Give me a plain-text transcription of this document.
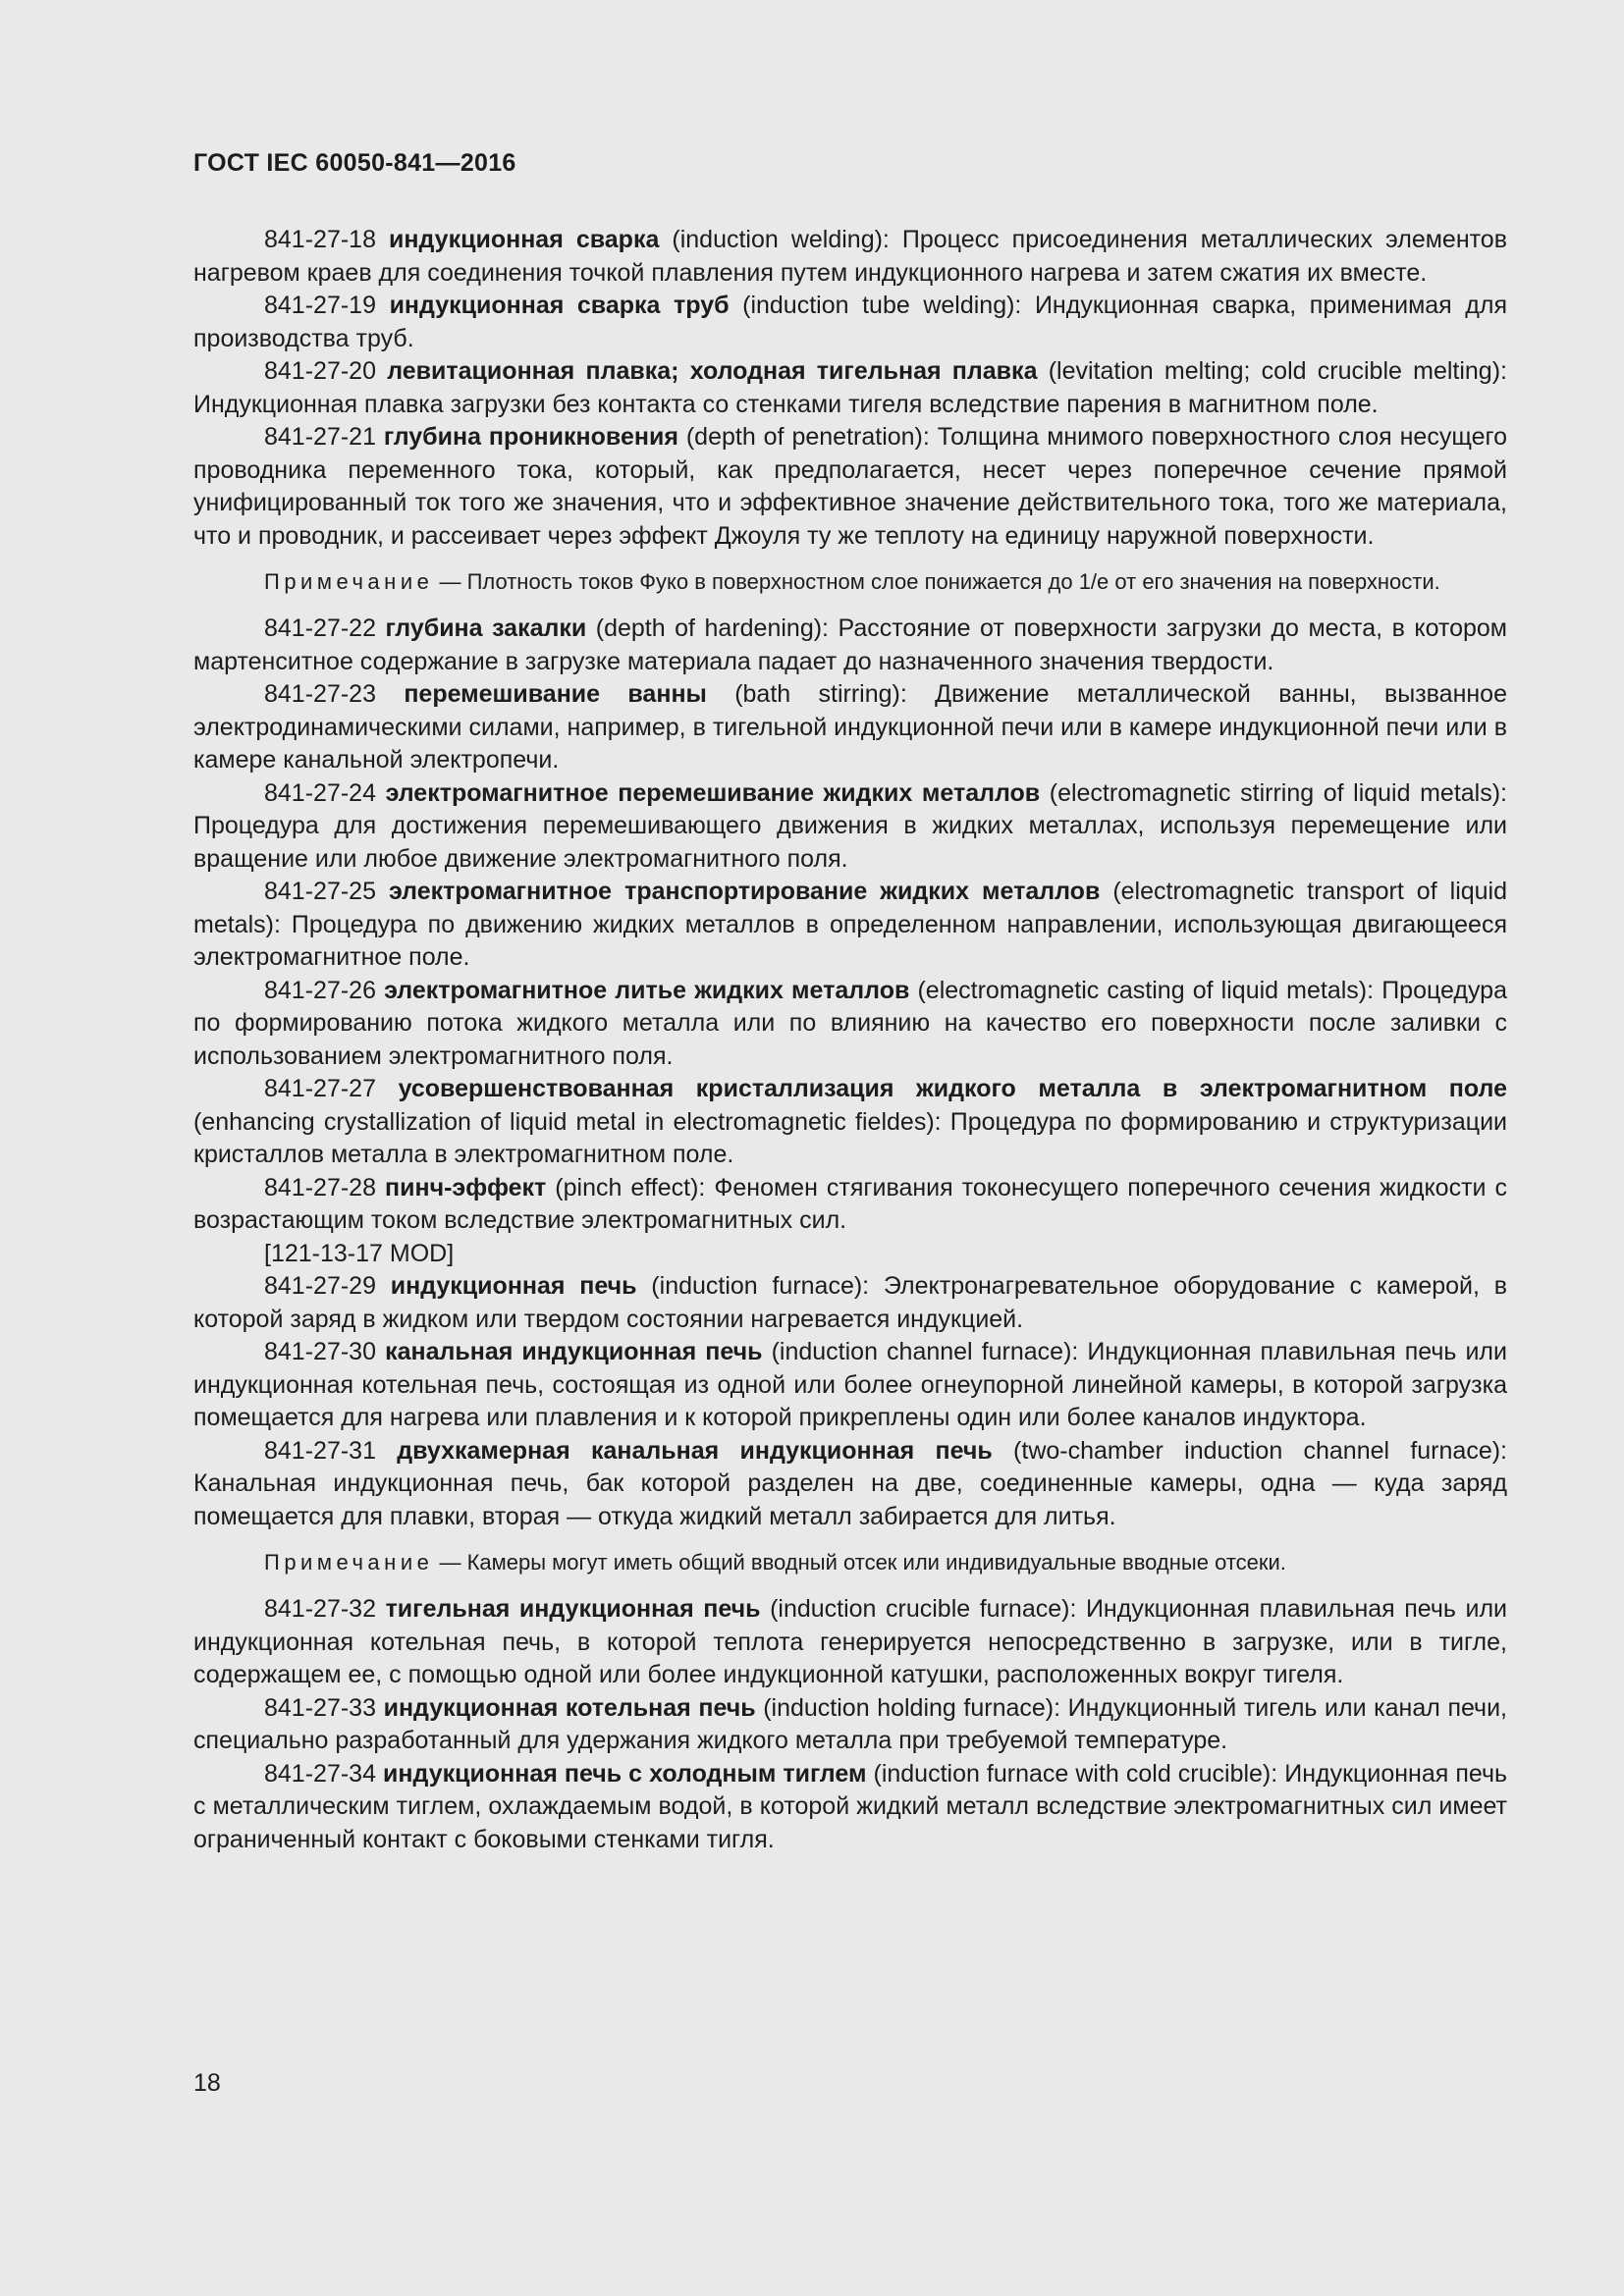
ГОСТ IEC 60050-841—2016

841-27-18 индукционная сварка (induction welding): Процесс присоединения металлических элементов нагревом краев для соединения точкой плавления путем индукционного нагрева и затем сжатия их вместе.

841-27-19 индукционная сварка труб (induction tube welding): Индукционная сварка, применимая для производства труб.

841-27-20 левитационная плавка; холодная тигельная плавка (levitation melting; cold crucible melting): Индукционная плавка загрузки без контакта со стенками тигеля вследствие парения в магнитном поле.

841-27-21 глубина проникновения (depth of penetration): Толщина мнимого поверхностного слоя несущего проводника переменного тока, который, как предполагается, несет через поперечное сечение прямой унифицированный ток того же значения, что и эффективное значение действительного тока, того же материала, что и проводник, и рассеивает через эффект Джоуля ту же теплоту на единицу наружной поверхности.

Примечание — Плотность токов Фуко в поверхностном слое понижается до 1/e от его значения на поверхности.

841-27-22 глубина закалки (depth of hardening): Расстояние от поверхности загрузки до места, в котором мартенситное содержание в загрузке материала падает до назначенного значения твердости.

841-27-23 перемешивание ванны (bath stirring): Движение металлической ванны, вызванное электродинамическими силами, например, в тигельной индукционной печи или в камере индукционной печи или в камере канальной электропечи.

841-27-24 электромагнитное перемешивание жидких металлов (electromagnetic stirring of liquid metals): Процедура для достижения перемешивающего движения в жидких металлах, используя перемещение или вращение или любое движение электромагнитного поля.

841-27-25 электромагнитное транспортирование жидких металлов (electromagnetic transport of liquid metals): Процедура по движению жидких металлов в определенном направлении, использующая двигающееся электромагнитное поле.

841-27-26 электромагнитное литье жидких металлов (electromagnetic casting of liquid metals): Процедура по формированию потока жидкого металла или по влиянию на качество его поверхности после заливки с использованием электромагнитного поля.

841-27-27 усовершенствованная кристаллизация жидкого металла в электромагнитном поле (enhancing crystallization of liquid metal in electromagnetic fieldes): Процедура по формированию и структуризации кристаллов металла в электромагнитном поле.

841-27-28 пинч-эффект (pinch effect): Феномен стягивания токонесущего поперечного сечения жидкости с возрастающим током вследствие электромагнитных сил.

[121-13-17 MOD]

841-27-29 индукционная печь (induction furnace): Электронагревательное оборудование с камерой, в которой заряд в жидком или твердом состоянии нагревается индукцией.

841-27-30 канальная индукционная печь (induction channel furnace): Индукционная плавильная печь или индукционная котельная печь, состоящая из одной или более огнеупорной линейной камеры, в которой загрузка помещается для нагрева или плавления и к которой прикреплены один или более каналов индуктора.

841-27-31 двухкамерная канальная индукционная печь (two-chamber induction channel furnace): Канальная индукционная печь, бак которой разделен на две, соединенные камеры, одна — куда заряд помещается для плавки, вторая — откуда жидкий металл забирается для литья.

Примечание — Камеры могут иметь общий вводный отсек или индивидуальные вводные отсеки.

841-27-32 тигельная индукционная печь (induction crucible furnace): Индукционная плавильная печь или индукционная котельная печь, в которой теплота генерируется непосредственно в загрузке, или в тигле, содержащем ее, с помощью одной или более индукционной катушки, расположенных вокруг тигеля.

841-27-33 индукционная котельная печь (induction holding furnace): Индукционный тигель или канал печи, специально разработанный для удержания жидкого металла при требуемой температуре.

841-27-34 индукционная печь с холодным тиглем (induction furnace with cold crucible): Индукционная печь с металлическим тиглем, охлаждаемым водой, в которой жидкий металл вследствие электромагнитных сил имеет ограниченный контакт с боковыми стенками тигля.

18
